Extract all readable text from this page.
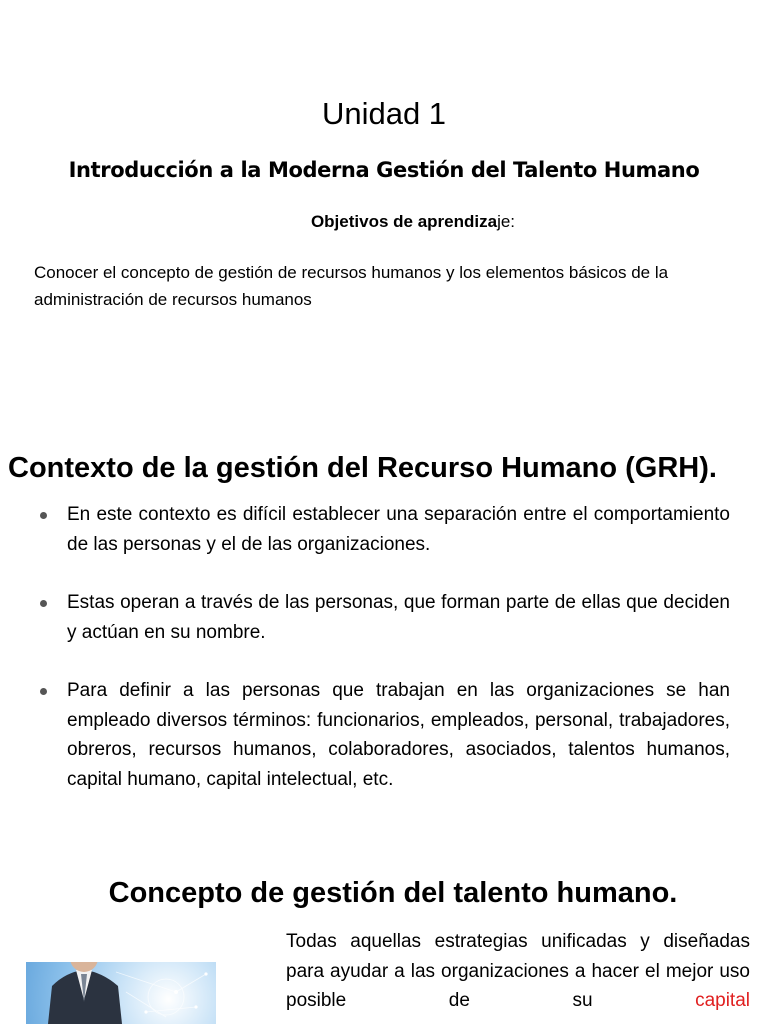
Unidad 1
Introducción a la Moderna Gestión del Talento Humano

Objetivos de aprendizaje:

Conocer el concepto de gestión de recursos humanos y los elementos básicos de la administración de recursos humanos

Contexto de la gestión del Recurso Humano (GRH).
En este contexto es difícil establecer una separación entre el comportamiento de las personas y el de las organizaciones.
Estas operan a través de las personas, que forman parte de ellas que deciden y actúan en su nombre.
Para definir a las personas que trabajan en las organizaciones se han empleado diversos términos: funcionarios, empleados, personal, trabajadores, obreros, recursos humanos, colaboradores, asociados, talentos humanos, capital humano, capital intelectual, etc.
Concepto de gestión del talento humano.

Todas aquellas estrategias unificadas y diseñadas para ayudar a las organizaciones a hacer el mejor uso posible de su capital
